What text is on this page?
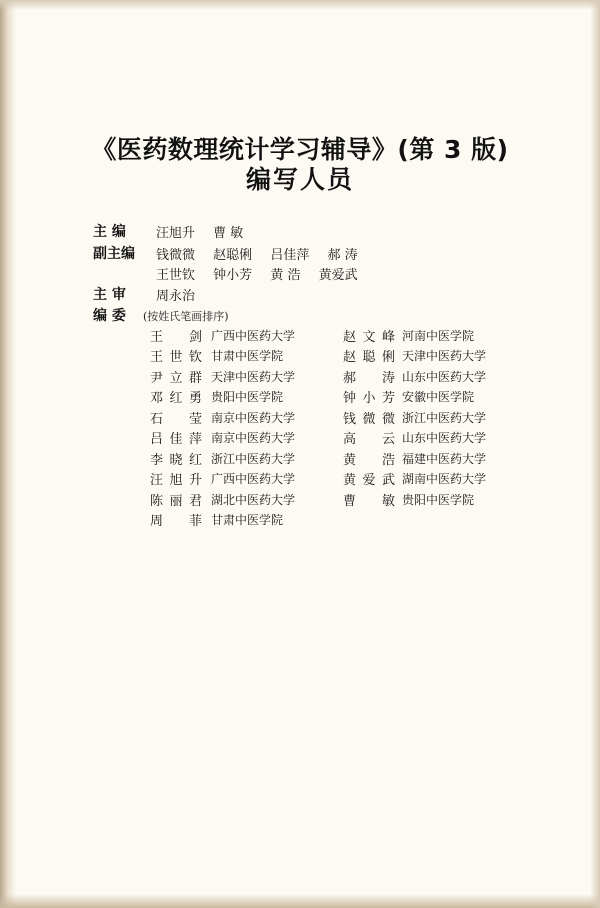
《医药数理统计学习辅导》(第 3 版)
编写人员
主 编 汪旭升 曹 敏
副主编 钱微微 赵聪俐 吕佳萍 郝 涛
王世钦 钟小芳 黄 浩 黄爱武
主 审 周永治
编 委 (按姓氏笔画排序)
王剑 广西中医药大学
王世钦 甘肃中医学院
尹立群 天津中医药大学
邓红勇 贵阳中医学院
石莹 南京中医药大学
吕佳萍 南京中医药大学
李晓红 浙江中医药大学
汪旭升 广西中医药大学
陈丽君 湖北中医药大学
周菲 甘肃中医学院
赵文峰 河南中医学院
赵聪俐 天津中医药大学
郝涛 山东中医药大学
钟小芳 安徽中医学院
钱微微 浙江中医药大学
高云 山东中医药大学
黄浩 福建中医药大学
黄爱武 湖南中医药大学
曹敏 贵阳中医学院
